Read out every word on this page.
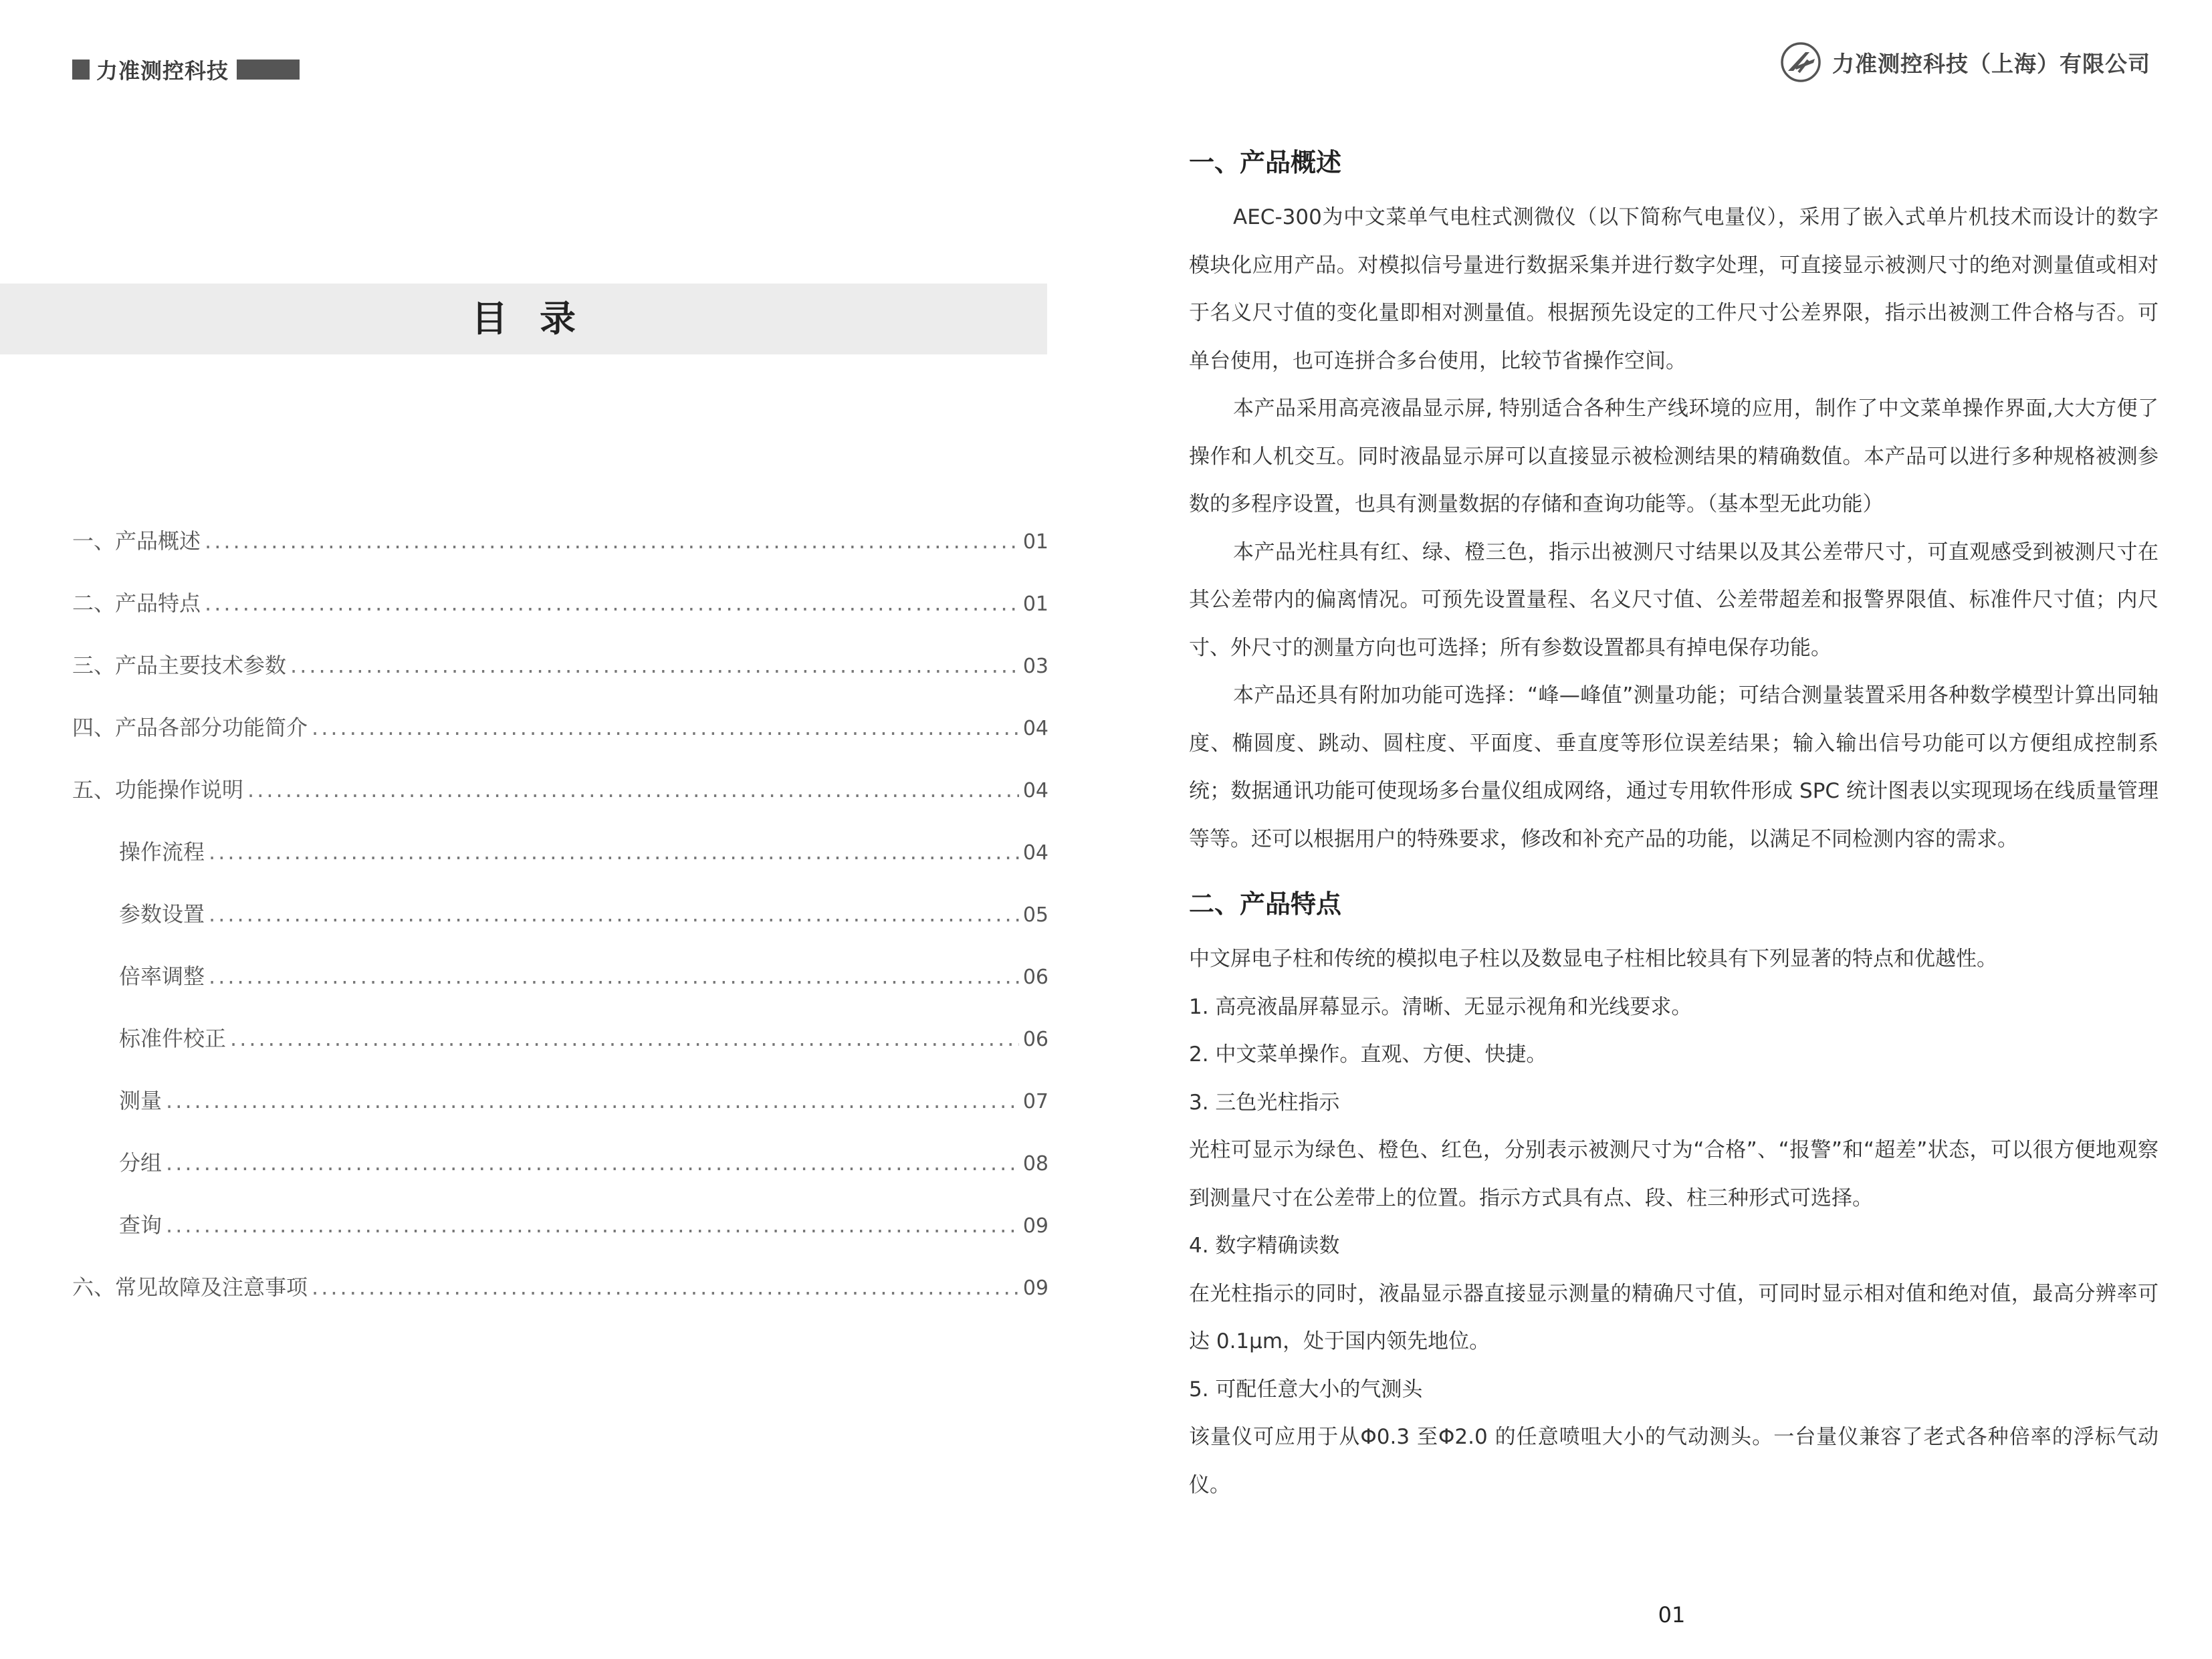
力准测控科技
目录
一、产品概述 .....	01
二、产品特点 .....	01
三、产品主要技术参数 .....	03
四、产品各部分功能简介 .....	04
五、功能操作说明 .....	04
操作流程 .....	04
参数设置 .....	05
倍率调整 .....	06
标准件校正 .....	06
测量 .....	07
分组 .....	08
查询 .....	09
六、常见故障及注意事项 .....	09
力准测控科技（上海）有限公司
一、产品概述

AEC-300为中文菜单气电柱式测微仪（以下简称气电量仪），采用了嵌入式单片机技术而设计的数字模块化应用产品。对模拟信号量进行数据采集并进行数字处理，可直接显示被测尺寸的绝对测量值或相对于名义尺寸值的变化量即相对测量值。根据预先设定的工件尺寸公差界限，指示出被测工件合格与否。可单台使用，也可连拼合多台使用，比较节省操作空间。

本产品采用高亮液晶显示屏, 特别适合各种生产线环境的应用，制作了中文菜单操作界面,大大方便了操作和人机交互。同时液晶显示屏可以直接显示被检测结果的精确数值。本产品可以进行多种规格被测参数的多程序设置，也具有测量数据的存储和查询功能等。（基本型无此功能）

本产品光柱具有红、绿、橙三色，指示出被测尺寸结果以及其公差带尺寸，可直观感受到被测尺寸在其公差带内的偏离情况。可预先设置量程、名义尺寸值、公差带超差和报警界限值、标准件尺寸值；内尺寸、外尺寸的测量方向也可选择；所有参数设置都具有掉电保存功能。

本产品还具有附加功能可选择：“峰—峰值”测量功能；可结合测量装置采用各种数学模型计算出同轴度、椭圆度、跳动、圆柱度、平面度、垂直度等形位误差结果；输入输出信号功能可以方便组成控制系统；数据通讯功能可使现场多台量仪组成网络，通过专用软件形成 SPC 统计图表以实现现场在线质量管理等等。还可以根据用户的特殊要求，修改和补充产品的功能，以满足不同检测内容的需求。

二、产品特点

中文屏电子柱和传统的模拟电子柱以及数显电子柱相比较具有下列显著的特点和优越性。

1. 高亮液晶屏幕显示。清晰、无显示视角和光线要求。

2. 中文菜单操作。直观、方便、快捷。

3. 三色光柱指示

光柱可显示为绿色、橙色、红色，分别表示被测尺寸为“合格”、“报警”和“超差”状态，可以很方便地观察到测量尺寸在公差带上的位置。指示方式具有点、段、柱三种形式可选择。

4. 数字精确读数

在光柱指示的同时，液晶显示器直接显示测量的精确尺寸值，可同时显示相对值和绝对值，最高分辨率可达 0.1μm，处于国内领先地位。

5. 可配任意大小的气测头

该量仪可应用于从Φ0.3 至Φ2.0 的任意喷咀大小的气动测头。一台量仪兼容了老式各种倍率的浮标气动仪。

01
